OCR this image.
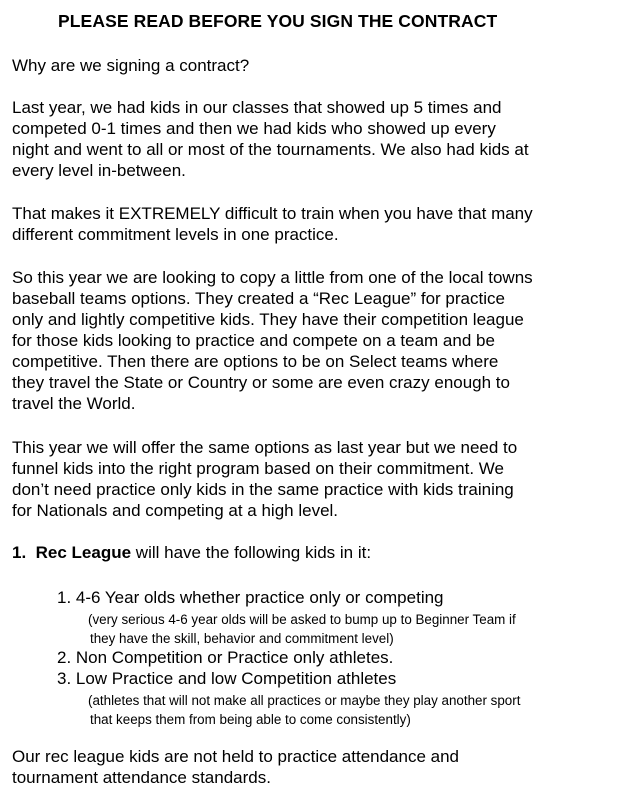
PLEASE READ BEFORE YOU SIGN THE CONTRACT

Why are we signing a contract?

Last year, we had kids in our classes that showed up 5 times and
competed 0-1 times and then we had kids who showed up every
night and went to all or most of the tournaments. We also had kids at
every level in-between.

That makes it EXTREMELY difficult to train when you have that many
different commitment levels in one practice.

So this year we are looking to copy a little from one of the local towns
baseball teams options. They created a “Rec League” for practice
only and lightly competitive kids. They have their competition league
for those kids looking to practice and compete on a team and be
competitive. Then there are options to be on Select teams where
they travel the State or Country or some are even crazy enough to
travel the World.

This year we will offer the same options as last year but we need to
funnel kids into the right program based on their commitment. We
don’t need practice only kids in the same practice with kids training
for Nationals and competing at a high level.

1. Rec League will have the following kids in it:
1. 4-6 Year olds whether practice only or competing
(very serious 4-6 year olds will be asked to bump up to Beginner Team if
they have the skill, behavior and commitment level)
2. Non Competition or Practice only athletes.
3. Low Practice and low Competition athletes
(athletes that will not make all practices or maybe they play another sport
that keeps them from being able to come consistently)

Our rec league kids are not held to practice attendance and
tournament attendance standards.
